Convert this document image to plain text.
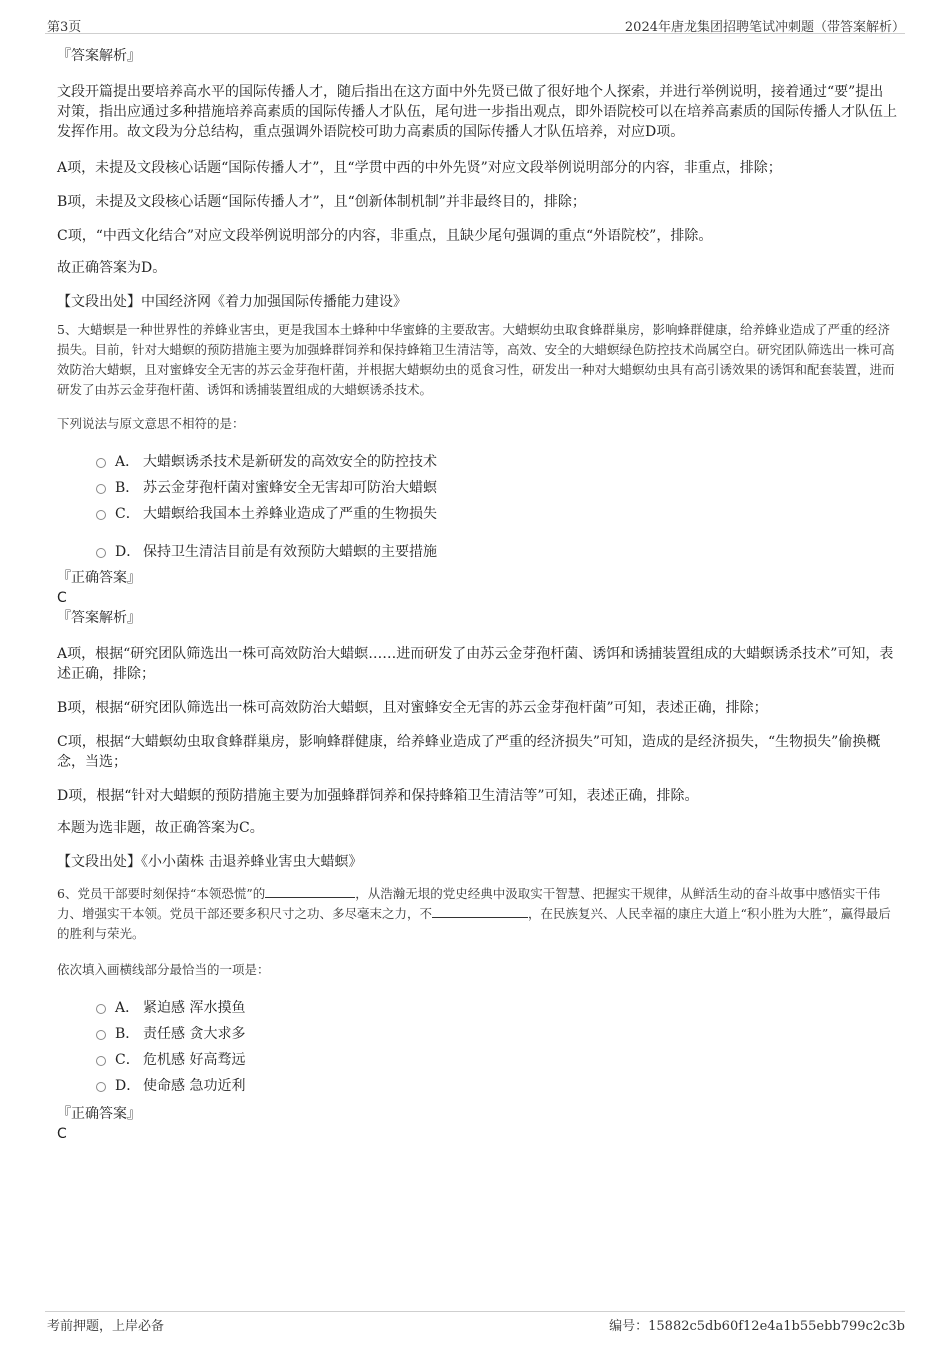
第3页	2024年唐龙集团招聘笔试冲刺题（带答案解析）

『答案解析』

文段开篇提出要培养高水平的国际传播人才，随后指出在这方面中外先贤已做了很好地个人探索，并进行举例说明，接着通过“要”提出对策，指出应通过多种措施培养高素质的国际传播人才队伍，尾句进一步指出观点，即外语院校可以在培养高素质的国际传播人才队伍上发挥作用。故文段为分总结构，重点强调外语院校可助力高素质的国际传播人才队伍培养，对应D项。

A项，未提及文段核心话题“国际传播人才”，且“学贯中西的中外先贤”对应文段举例说明部分的内容，非重点，排除；

B项，未提及文段核心话题“国际传播人才”，且“创新体制机制”并非最终目的，排除；

C项，“中西文化结合”对应文段举例说明部分的内容，非重点，且缺少尾句强调的重点“外语院校”，排除。

故正确答案为D。

【文段出处】中国经济网《着力加强国际传播能力建设》

5、大蜡螟是一种世界性的养蜂业害虫，更是我国本土蜂种中华蜜蜂的主要敌害。大蜡螟幼虫取食蜂群巢房，影响蜂群健康，给养蜂业造成了严重的经济损失。目前，针对大蜡螟的预防措施主要为加强蜂群饲养和保持蜂箱卫生清洁等，高效、安全的大蜡螟绿色防控技术尚属空白。研究团队筛选出一株可高效防治大蜡螟，且对蜜蜂安全无害的苏云金芽孢杆菌，并根据大蜡螟幼虫的觅食习性，研发出一种对大蜡螟幼虫具有高引诱效果的诱饵和配套装置，进而研发了由苏云金芽孢杆菌、诱饵和诱捕装置组成的大蜡螟诱杀技术。

下列说法与原文意思不相符的是：

A． 大蜡螟诱杀技术是新研发的高效安全的防控技术
B． 苏云金芽孢杆菌对蜜蜂安全无害却可防治大蜡螟
C． 大蜡螟给我国本土养蜂业造成了严重的生物损失
D． 保持卫生清洁目前是有效预防大蜡螟的主要措施

『正确答案』

C

『答案解析』

A项，根据“研究团队筛选出一株可高效防治大蜡螟……进而研发了由苏云金芽孢杆菌、诱饵和诱捕装置组成的大蜡螟诱杀技术”可知，表述正确，排除；

B项，根据“研究团队筛选出一株可高效防治大蜡螟，且对蜜蜂安全无害的苏云金芽孢杆菌”可知，表述正确，排除；

C项，根据“大蜡螟幼虫取食蜂群巢房，影响蜂群健康，给养蜂业造成了严重的经济损失”可知，造成的是经济损失，“生物损失”偷换概念，当选；

D项，根据“针对大蜡螟的预防措施主要为加强蜂群饲养和保持蜂箱卫生清洁等”可知，表述正确，排除。

本题为选非题，故正确答案为C。

【文段出处】《小小菌株 击退养蜂业害虫大蜡螟》

6、党员干部要时刻保持“本领恐慌”的	，从浩瀚无垠的党史经典中汲取实干智慧、把握实干规律，从鲜活生动的奋斗故事中感悟实干伟力、增强实干本领。党员干部还要多积尺寸之功、多尽毫末之力，不	，在民族复兴、人民幸福的康庄大道上“积小胜为大胜”，赢得最后的胜利与荣光。

依次填入画横线部分最恰当的一项是：

A． 紧迫感 浑水摸鱼
B． 责任感 贪大求多
C． 危机感 好高骛远
D． 使命感 急功近利

『正确答案』

C

考前押题，上岸必备	编号：15882c5db60f12e4a1b55ebb799c2c3b
